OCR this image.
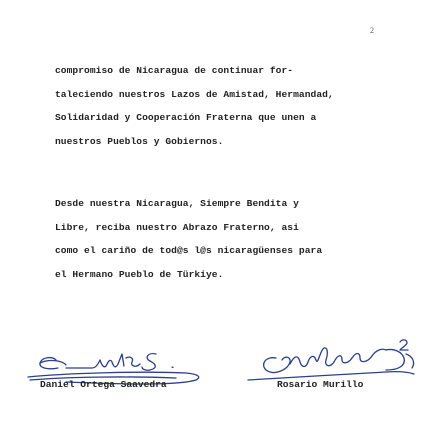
2
compromiso de Nicaragua de continuar for-
taleciendo nuestros Lazos de Amistad, Hermandad,
Solidaridad y Cooperación Fraterna que unen a
nuestros Pueblos y Gobiernos.
Desde nuestra Nicaragua, Siempre Bendita y
Libre, reciba nuestro Abrazo Fraterno, asi
como el cariño de tod@s l@s nicaragüenses para
el Hermano Pueblo de Türkiye.
Daniel Ortega Saavedra	Rosario Murillo
